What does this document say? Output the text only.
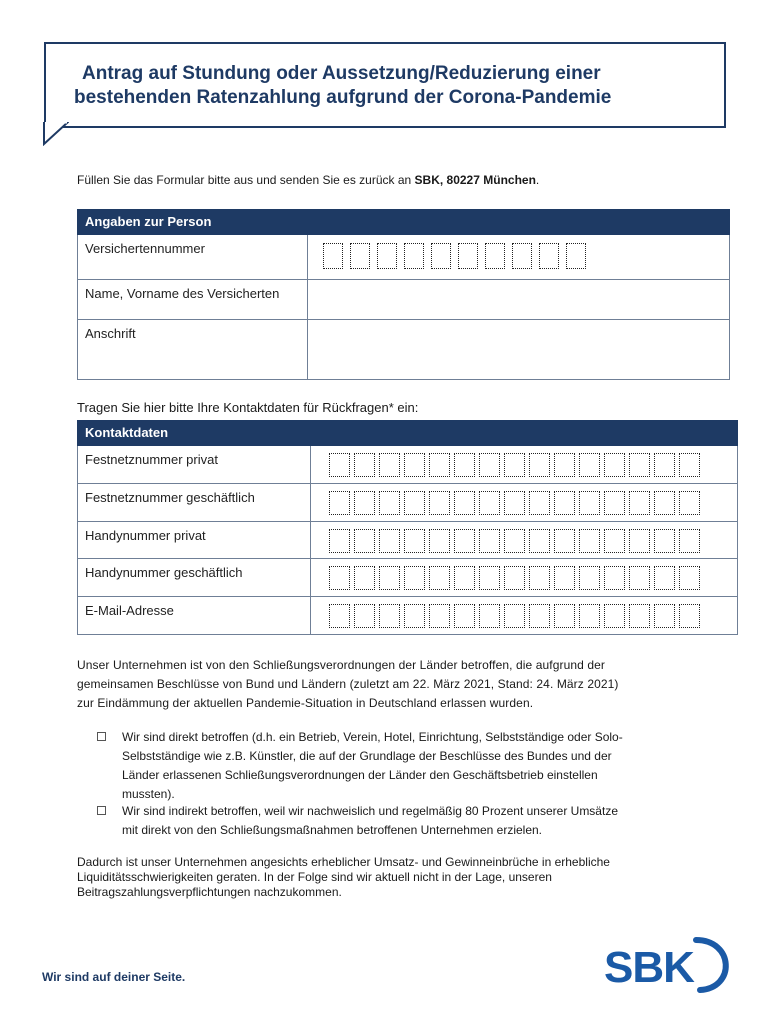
Antrag auf Stundung oder Aussetzung/Reduzierung einer
bestehenden Ratenzahlung aufgrund der Corona-Pandemie
Füllen Sie das Formular bitte aus und senden Sie es zurück an SBK, 80227 München.
Angaben zur Person
Versichertennummer
Name, Vorname des Versicherten
Anschrift
Tragen Sie hier bitte Ihre Kontaktdaten für Rückfragen* ein:
Kontaktdaten
Festnetznummer privat
Festnetznummer geschäftlich
Handynummer privat
Handynummer geschäftlich
E-Mail-Adresse
Unser Unternehmen ist von den Schließungsverordnungen der Länder betroffen, die aufgrund der
gemeinsamen Beschlüsse von Bund und Ländern (zuletzt am 22. März 2021, Stand: 24. März 2021)
zur Eindämmung der aktuellen Pandemie-Situation in Deutschland erlassen wurden.
Wir sind direkt betroffen (d.h. ein Betrieb, Verein, Hotel, Einrichtung, Selbstständige oder Solo-
Selbstständige wie z.B. Künstler, die auf der Grundlage der Beschlüsse des Bundes und der
Länder erlassenen Schließungsverordnungen der Länder den Geschäftsbetrieb einstellen
mussten).
Wir sind indirekt betroffen, weil wir nachweislich und regelmäßig 80 Prozent unserer Umsätze
mit direkt von den Schließungsmaßnahmen betroffenen Unternehmen erzielen.
Dadurch ist unser Unternehmen angesichts erheblicher Umsatz- und Gewinneinbrüche in erhebliche
Liquiditätsschwierigkeiten geraten. In der Folge sind wir aktuell nicht in der Lage, unseren
Beitragszahlungsverpflichtungen nachzukommen.
Wir sind auf deiner Seite.	SBK
